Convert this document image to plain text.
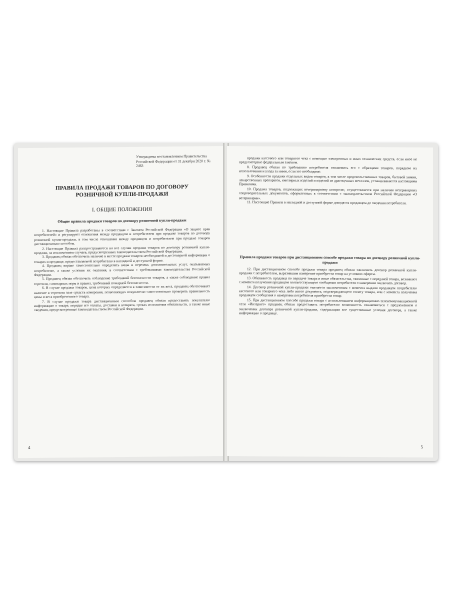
Утверждены постановлением Правительства Российской Федерации от 31 декабря 2020 г. № 2463
ПРАВИЛА ПРОДАЖИ ТОВАРОВ ПО ДОГОВОРУ РОЗНИЧНОЙ КУПЛИ-ПРОДАЖИ
I. ОБЩИЕ ПОЛОЖЕНИЯ
Общие правила продажи товаров по договору розничной купли-продажи

1. Настоящие Правила разработаны в соответствии с Законом Российской Федерации «О защите прав потребителей» и регулируют отношения между продавцом и потребителем при продаже товаров по договору розничной купли-продажи, в том числе отношения между продавцом и потребителем при продаже товаров дистанционным способом.

2. Настоящие Правила распространяются на все случаи продажи товаров по договору розничной купли-продажи, за исключением случаев, предусмотренных законодательством Российской Федерации.

3. Продавец обязан обеспечить наличие в месте продажи товаров необходимой и достоверной информации о товарах и продавце, предоставляемой потребителю в наглядной и доступной форме.

4. Продавец вправе самостоятельно определять виды и перечень дополнительных услуг, оказываемых потребителю, а также условия их оказания, в соответствии с требованиями законодательства Российской Федерации.

5. Продавец обязан обеспечить соблюдение требований безопасности товаров, а также соблюдение правил торговли, санитарных норм и правил, требований пожарной безопасности.

6. В случае продажи товаров, цена которых определяется в зависимости от их веса, продавец обеспечивает наличие в торговом зале средств измерения, позволяющих покупателю самостоятельно проверить правильность цены и веса приобретенного товара.

7. В случае продажи товара дистанционным способом продавец обязан предоставить покупателю информацию о товаре, порядке его оплаты, доставки и возврата, сроках исполнения обязательств, а также иные сведения, предусмотренные законодательством Российской Федерации.

4

продажи кассового или товарного чека с помощью электронных и иных технических средств, если иное не предусмотрено федеральным законом.

8. Продавец обязан по требованию потребителя ознакомить его с образцами товаров, порядком их использования и ухода за ними, если это необходимо.

9. Особенности продажи отдельных видов товаров, в том числе продовольственных товаров, бытовой химии, лекарственных препаратов, ювелирных изделий и изделий из драгоценных металлов, устанавливаются настоящими Правилами.

10. Продажа товаров, подлежащих ветеринарному контролю, осуществляется при наличии ветеринарных сопроводительных документов, оформленных в соответствии с законодательством Российской Федерации «О ветеринарии».

11. Настоящие Правила в наглядной и доступной форме доводятся продавцом до сведения потребителя.

Правила продажи товаров при дистанционном способе продажи товара по договору розничной купли-продажи

12. При дистанционном способе продажи товара продавец обязан заключить договор розничной купли-продажи с потребителем, выразившим намерение приобрести товар на условиях оферты.

13. Обязанность продавца по передаче товара и иные обязательства, связанные с передачей товара, возникают с момента получения продавцом соответствующего сообщения потребителя о намерении заключить договор.

14. Договор розничной купли-продажи считается заключенным с момента выдачи продавцом потребителю кассового или товарного чека либо иного документа, подтверждающего оплату товара, или с момента получения продавцом сообщения о намерении потребителя приобрести товар.

15. При дистанционном способе продажи товара с использованием информационно-телекоммуникационной сети «Интернет» продавец обязан предоставить потребителю возможность ознакомиться с предложением о заключении договора розничной купли-продажи, содержащим все существенные условия договора, а также информацию о продавце.

5
